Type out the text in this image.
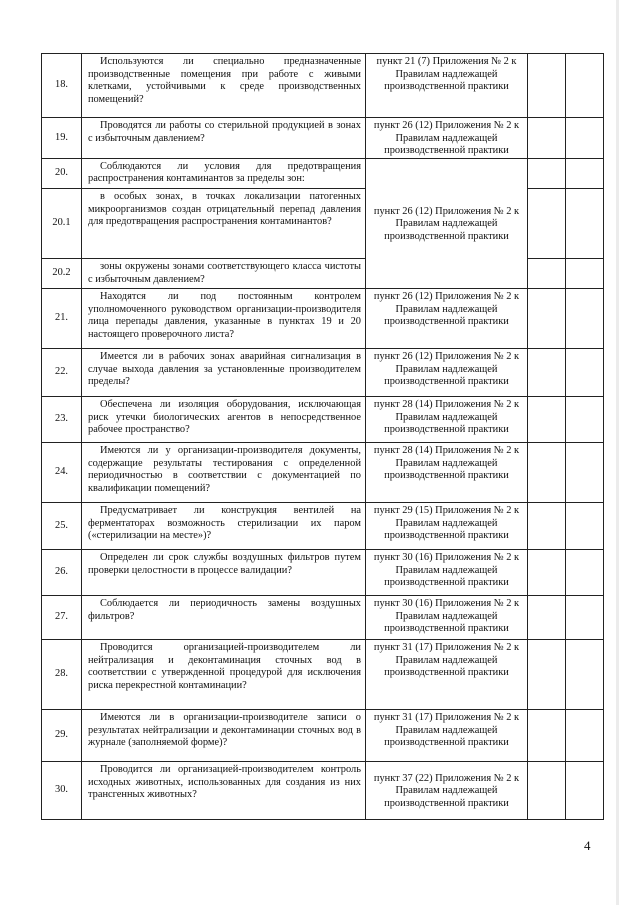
18.	Используются ли специально предназначенные производственные помещения при работе с живыми клетками, устойчивыми к среде производственных помещений?	пункт 21 (7) Приложения № 2 к Правилам надлежащей производственной практики		
19.	Проводятся ли работы со стерильной продукцией в зонах с избыточным давлением?	пункт 26 (12) Приложения № 2 к Правилам надлежащей производственной практики		
20.	Соблюдаются ли условия для предотвращения распространения контаминантов за пределы зон:	пункт 26 (12) Приложения № 2 к Правилам надлежащей производственной практики		
20.1	в особых зонах, в точках локализации патогенных микроорганизмов создан отрицательный перепад давления для предотвращения распространения контаминантов?			
20.2	зоны окружены зонами соответствующего класса чистоты с избыточным давлением?			
21.	Находятся ли под постоянным контролем уполномоченного руководством организации-производителя лица перепады давления, указанные в пунктах 19 и 20 настоящего проверочного листа?	пункт 26 (12) Приложения № 2 к Правилам надлежащей производственной практики		
22.	Имеется ли в рабочих зонах аварийная сигнализация в случае выхода давления за установленные производителем пределы?	пункт 26 (12) Приложения № 2 к Правилам надлежащей производственной практики		
23.	Обеспечена ли изоляция оборудования, исключающая риск утечки биологических агентов в непосредственное рабочее пространство?	пункт 28 (14) Приложения № 2 к Правилам надлежащей производственной практики		
24.	Имеются ли у организации-производителя документы, содержащие результаты тестирования с определенной периодичностью в соответствии с документацией по квалификации помещений?	пункт 28 (14) Приложения № 2 к Правилам надлежащей производственной практики		
25.	Предусматривает ли конструкция вентилей на ферментаторах возможность стерилизации их паром («стерилизации на месте»)?	пункт 29 (15) Приложения № 2 к Правилам надлежащей производственной практики		
26.	Определен ли срок службы воздушных фильтров путем проверки целостности в процессе валидации?	пункт 30 (16) Приложения № 2 к Правилам надлежащей производственной практики		
27.	Соблюдается ли периодичность замены воздушных фильтров?	пункт 30 (16) Приложения № 2 к Правилам надлежащей производственной практики		
28.	Проводится организацией-производителем ли нейтрализация и деконтаминация сточных вод в соответствии с утвержденной процедурой для исключения риска перекрестной контаминации?	пункт 31 (17) Приложения № 2 к Правилам надлежащей производственной практики		
29.	Имеются ли в организации-производителе записи о результатах нейтрализации и деконтаминации сточных вод в журнале (заполняемой форме)?	пункт 31 (17) Приложения № 2 к Правилам надлежащей производственной практики		
30.	Проводится ли организацией-производителем контроль исходных животных, использованных для создания из них трансгенных животных?	пункт 37 (22) Приложения № 2 к Правилам надлежащей производственной практики		
4
